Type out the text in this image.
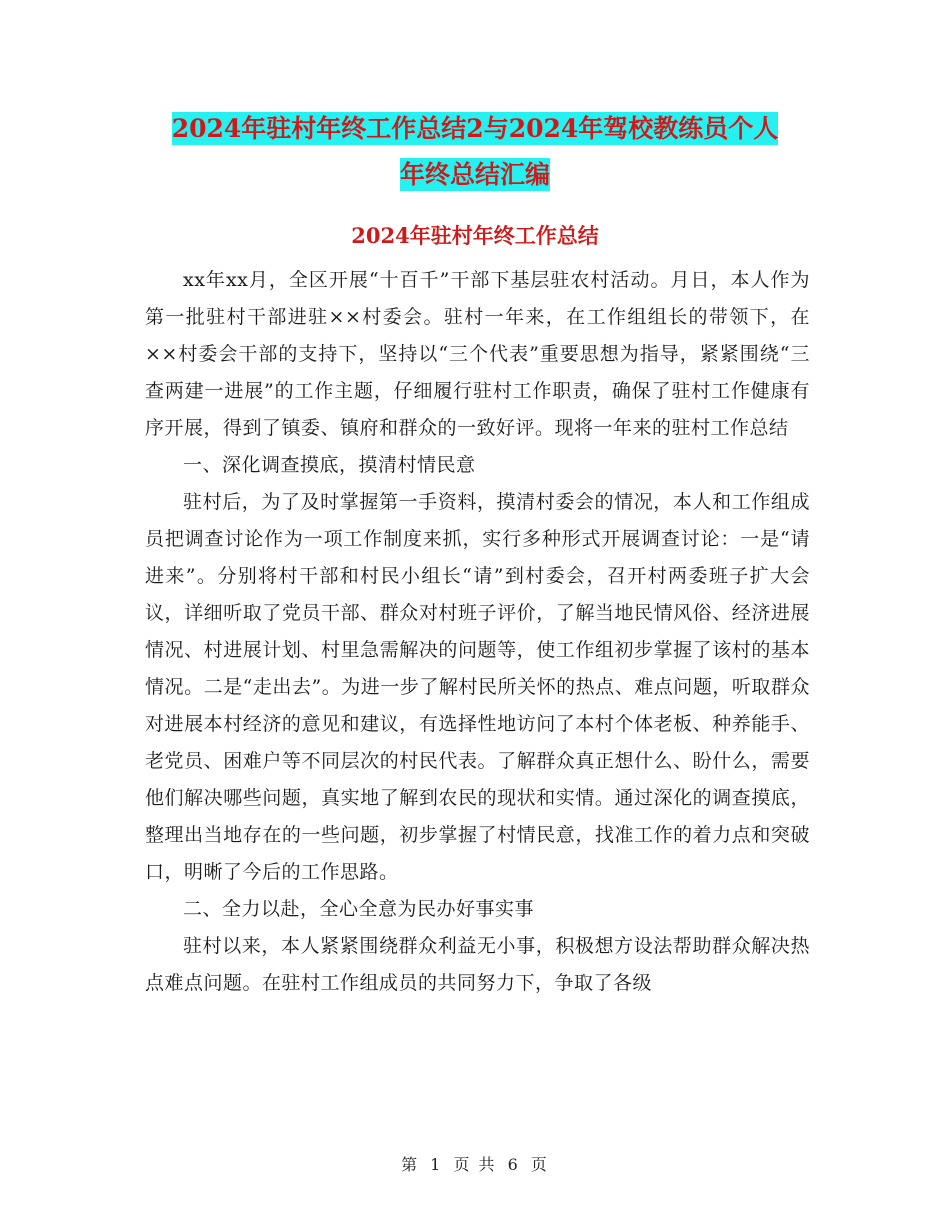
2024年驻村年终工作总结2与2024年驾校教练员个人
年终总结汇编
2024年驻村年终工作总结

xx年xx月，全区开展“十百千”干部下基层驻农村活动。月日，本人作为第一批驻村干部进驻××村委会。驻村一年来，在工作组组长的带领下，在××村委会干部的支持下，坚持以“三个代表”重要思想为指导，紧紧围绕“三查两建一进展”的工作主题，仔细履行驻村工作职责，确保了驻村工作健康有序开展，得到了镇委、镇府和群众的一致好评。现将一年来的驻村工作总结

一、深化调查摸底，摸清村情民意

驻村后，为了及时掌握第一手资料，摸清村委会的情况，本人和工作组成员把调查讨论作为一项工作制度来抓，实行多种形式开展调查讨论：一是“请进来”。分别将村干部和村民小组长“请”到村委会，召开村两委班子扩大会议，详细听取了党员干部、群众对村班子评价，了解当地民情风俗、经济进展情况、村进展计划、村里急需解决的问题等，使工作组初步掌握了该村的基本情况。二是“走出去”。为进一步了解村民所关怀的热点、难点问题，听取群众对进展本村经济的意见和建议，有选择性地访问了本村个体老板、种养能手、老党员、困难户等不同层次的村民代表。了解群众真正想什么、盼什么，需要他们解决哪些问题，真实地了解到农民的现状和实情。通过深化的调查摸底，整理出当地存在的一些问题，初步掌握了村情民意，找准工作的着力点和突破口，明晰了今后的工作思路。

二、全力以赴，全心全意为民办好事实事

驻村以来，本人紧紧围绕群众利益无小事，积极想方设法帮助群众解决热点难点问题。在驻村工作组成员的共同努力下，争取了各级

第 1 页 共 6 页
